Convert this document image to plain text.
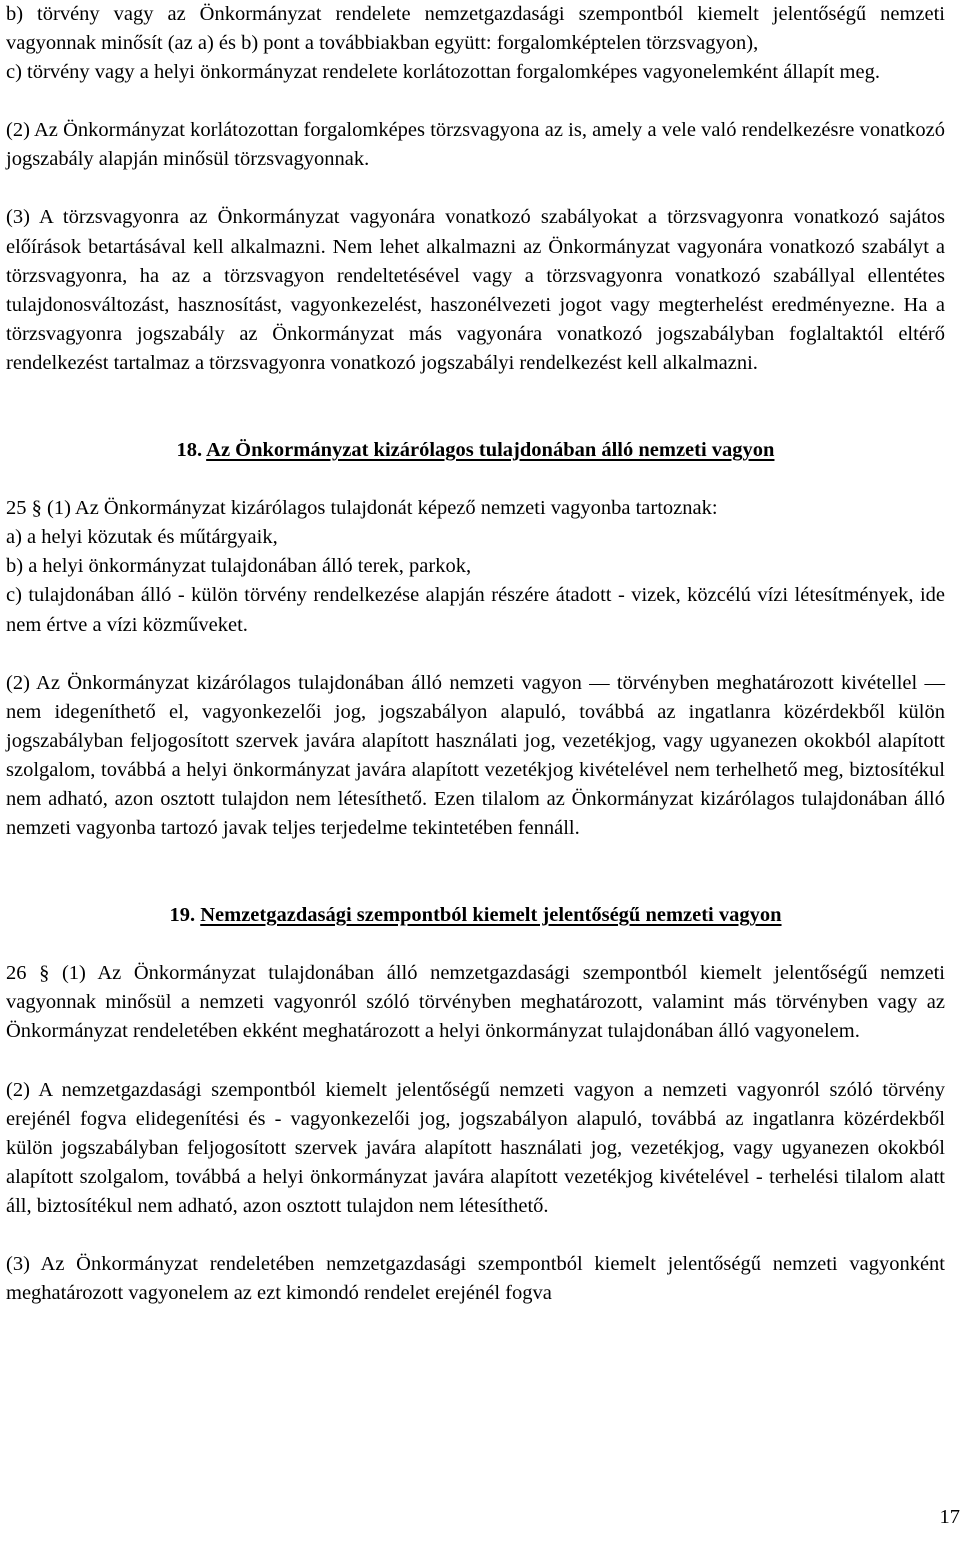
b) törvény vagy az Önkormányzat rendelete nemzetgazdasági szempontból kiemelt jelentőségű nemzeti vagyonnak minősít (az a) és b) pont a továbbiakban együtt: forgalomképtelen törzsvagyon),

c) törvény vagy a helyi önkormányzat rendelete korlátozottan forgalomképes vagyonelemként állapít meg.

(2) Az Önkormányzat korlátozottan forgalomképes törzsvagyona az is, amely a vele való rendelkezésre vonatkozó jogszabály alapján minősül törzsvagyonnak.

(3) A törzsvagyonra az Önkormányzat vagyonára vonatkozó szabályokat a törzsvagyonra vonatkozó sajátos előírások betartásával kell alkalmazni. Nem lehet alkalmazni az Önkormányzat vagyonára vonatkozó szabályt a törzsvagyonra, ha az a törzsvagyon rendeltetésével vagy a törzsvagyonra vonatkozó szabállyal ellentétes tulajdonosváltozást, hasznosítást, vagyonkezelést, haszonélvezeti jogot vagy megterhelést eredményezne. Ha a törzsvagyonra jogszabály az Önkormányzat más vagyonára vonatkozó jogszabályban foglaltaktól eltérő rendelkezést tartalmaz a törzsvagyonra vonatkozó jogszabályi rendelkezést kell alkalmazni.

18. Az Önkormányzat kizárólagos tulajdonában álló nemzeti vagyon

25 § (1) Az Önkormányzat kizárólagos tulajdonát képező nemzeti vagyonba tartoznak:
a) a helyi közutak és műtárgyaik,
b) a helyi önkormányzat tulajdonában álló terek, parkok,

c) tulajdonában álló - külön törvény rendelkezése alapján részére átadott - vizek, közcélú vízi létesítmények, ide nem értve a vízi közműveket.

(2) Az Önkormányzat kizárólagos tulajdonában álló nemzeti vagyon — törvényben meghatározott kivétellel — nem idegeníthető el, vagyonkezelői jog, jogszabályon alapuló, továbbá az ingatlanra közérdekből külön jogszabályban feljogosított szervek javára alapított használati jog, vezetékjog, vagy ugyanezen okokból alapított szolgalom, továbbá a helyi önkormányzat javára alapított vezetékjog kivételével nem terhelhető meg, biztosítékul nem adható, azon osztott tulajdon nem létesíthető. Ezen tilalom az Önkormányzat kizárólagos tulajdonában álló nemzeti vagyonba tartozó javak teljes terjedelme tekintetében fennáll.

19. Nemzetgazdasági szempontból kiemelt jelentőségű nemzeti vagyon

26 § (1) Az Önkormányzat tulajdonában álló nemzetgazdasági szempontból kiemelt jelentőségű nemzeti vagyonnak minősül a nemzeti vagyonról szóló törvényben meghatározott, valamint más törvényben vagy az Önkormányzat rendeletében ekként meghatározott a helyi önkormányzat tulajdonában álló vagyonelem.

(2) A nemzetgazdasági szempontból kiemelt jelentőségű nemzeti vagyon a nemzeti vagyonról szóló törvény erejénél fogva elidegenítési és - vagyonkezelői jog, jogszabályon alapuló, továbbá az ingatlanra közérdekből külön jogszabályban feljogosított szervek javára alapított használati jog, vezetékjog, vagy ugyanezen okokból alapított szolgalom, továbbá a helyi önkormányzat javára alapított vezetékjog kivételével - terhelési tilalom alatt áll, biztosítékul nem adható, azon osztott tulajdon nem létesíthető.

(3) Az Önkormányzat rendeletében nemzetgazdasági szempontból kiemelt jelentőségű nemzeti vagyonként meghatározott vagyonelem az ezt kimondó rendelet erejénél fogva

17
